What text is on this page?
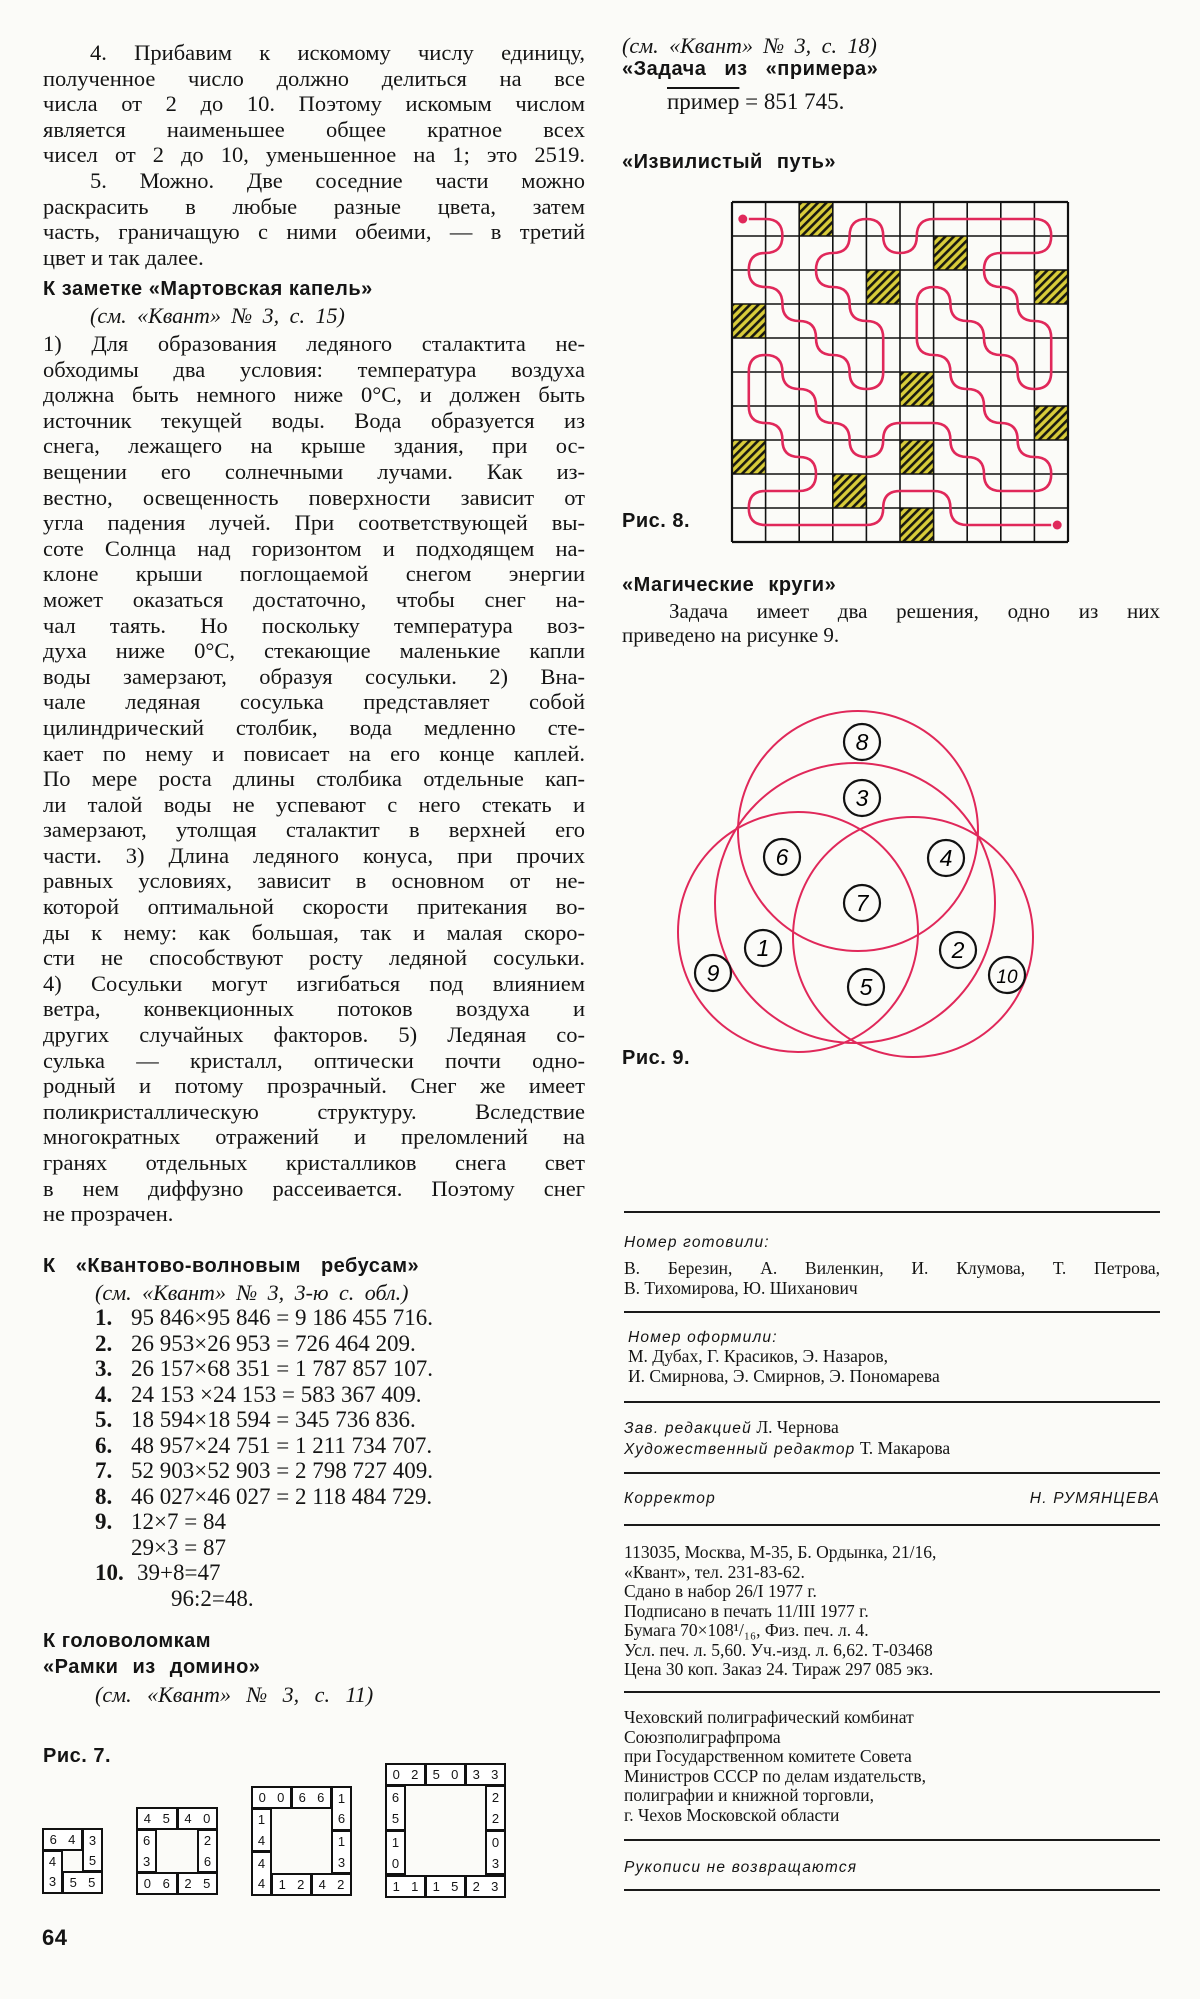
4. Прибавим к искомому числу единицу,
полученное число должно делиться на все
числа от 2 до 10. Поэтому искомым числом
является наименьшее общее кратное всех
чисел от 2 до 10, уменьшенное на 1; это 2519.
5. Можно. Две соседние части можно
раскрасить в любые разные цвета, затем
часть, граничащую с ними обеими, — в третий
цвет и так далее.
К заметке «Мартовская капель»
(см. «Квант» № 3, с. 15)
1) Для образования ледяного сталактита не-
обходимы два условия: температура воздуха
должна быть немного ниже 0°С, и должен быть
источник текущей воды. Вода образуется из
снега, лежащего на крыше здания, при ос-
вещении его солнечными лучами. Как из-
вестно, освещенность поверхности зависит от
угла падения лучей. При соответствующей вы-
соте Солнца над горизонтом и подходящем на-
клоне крыши поглощаемой снегом энергии
может оказаться достаточно, чтобы снег на-
чал таять. Но поскольку температура воз-
духа ниже 0°С, стекающие маленькие капли
воды замерзают, образуя сосульки. 2) Вна-
чале ледяная сосулька представляет собой
цилиндрический столбик, вода медленно сте-
кает по нему и повисает на его конце каплей.
По мере роста длины столбика отдельные кап-
ли талой воды не успевают с него стекать и
замерзают, утолщая сталактит в верхней его
части. 3) Длина ледяного конуса, при прочих
равных условиях, зависит в основном от не-
которой оптимальной скорости притекания во-
ды к нему: как большая, так и малая скоро-
сти не способствуют росту ледяной сосульки.
4) Сосульки могут изгибаться под влиянием
ветра, конвекционных потоков воздуха и
других случайных факторов. 5) Ледяная со-
сулька — кристалл, оптически почти одно-
родный и потому прозрачный. Снег же имеет
поликристаллическую структуру. Вследствие
многократных отражений и преломлений на
гранях отдельных кристалликов снега свет
в нем диффузно рассеивается. Поэтому снег
не прозрачен.
К «Квантово-волновым ребусам»
(см. «Квант» № 3, 3-ю с. обл.)
1. 95 846×95 846 = 9 186 455 716.
2. 26 953×26 953 = 726 464 209.
3. 26 157×68 351 = 1 787 857 107.
4. 24 153 ×24 153 = 583 367 409.
5. 18 594×18 594 = 345 736 836.
6. 48 957×24 751 = 1 211 734 707.
7. 52 903×52 903 = 2 798 727 409.
8. 46 027×46 027 = 2 118 484 729.
9. 12×7 = 84
29×3 = 87
10. 39+8=47
96:2=48.
К головоломкам
«Рамки из домино»
(см. «Квант» № 3, с. 11)
Рис. 7.
6 4 3
5
4
3 5 5
4 5 4 0
6
3
2
6
0 6 2 5
0 0 6 6 1
6
1
3
1
4
4
4 1 2 4 2
0 2 5 0 3 3
6
5
1
0
2
2
0
3
1 1 1 5 2 3
64
(см. «Квант» № 3, с. 18)
«Задача из «примера»
пример = 851 745.
«Извилистый путь»
Рис. 8.
«Магические круги»
Задача имеет два решения, одно из них
приведено на рисунке 9.
8
3
6	4
7
1	2
9
5	10
Рис. 9.
Номер готовили:
В. Березин, А. Виленкин, И. Клумова, Т. Петрова,
В. Тихомирова, Ю. Шиханович
Номер оформили:
М. Дубах, Г. Красиков, Э. Назаров,
И. Смирнова, Э. Смирнов, Э. Пономарева
Зав. редакцией Л. Чернова
Художественный редактор Т. Макарова
Корректор	Н. РУМЯНЦЕВА
113035, Москва, М-35, Б. Ордынка, 21/16,
«Квант», тел. 231-83-62.
Сдано в набор 26/I 1977 г.
Подписано в печать 11/III 1977 г.
Бумага 70×108¹/₁₆, Физ. печ. л. 4.
Усл. печ. л. 5,60. Уч.-изд. л. 6,62. Т-03468
Цена 30 коп. Заказ 24. Тираж 297 085 экз.
Чеховский полиграфический комбинат
Союзполиграфпрома
при Государственном комитете Совета
Министров СССР по делам издательств,
полиграфии и книжной торговли,
г. Чехов Московской области
Рукописи не возвращаются
